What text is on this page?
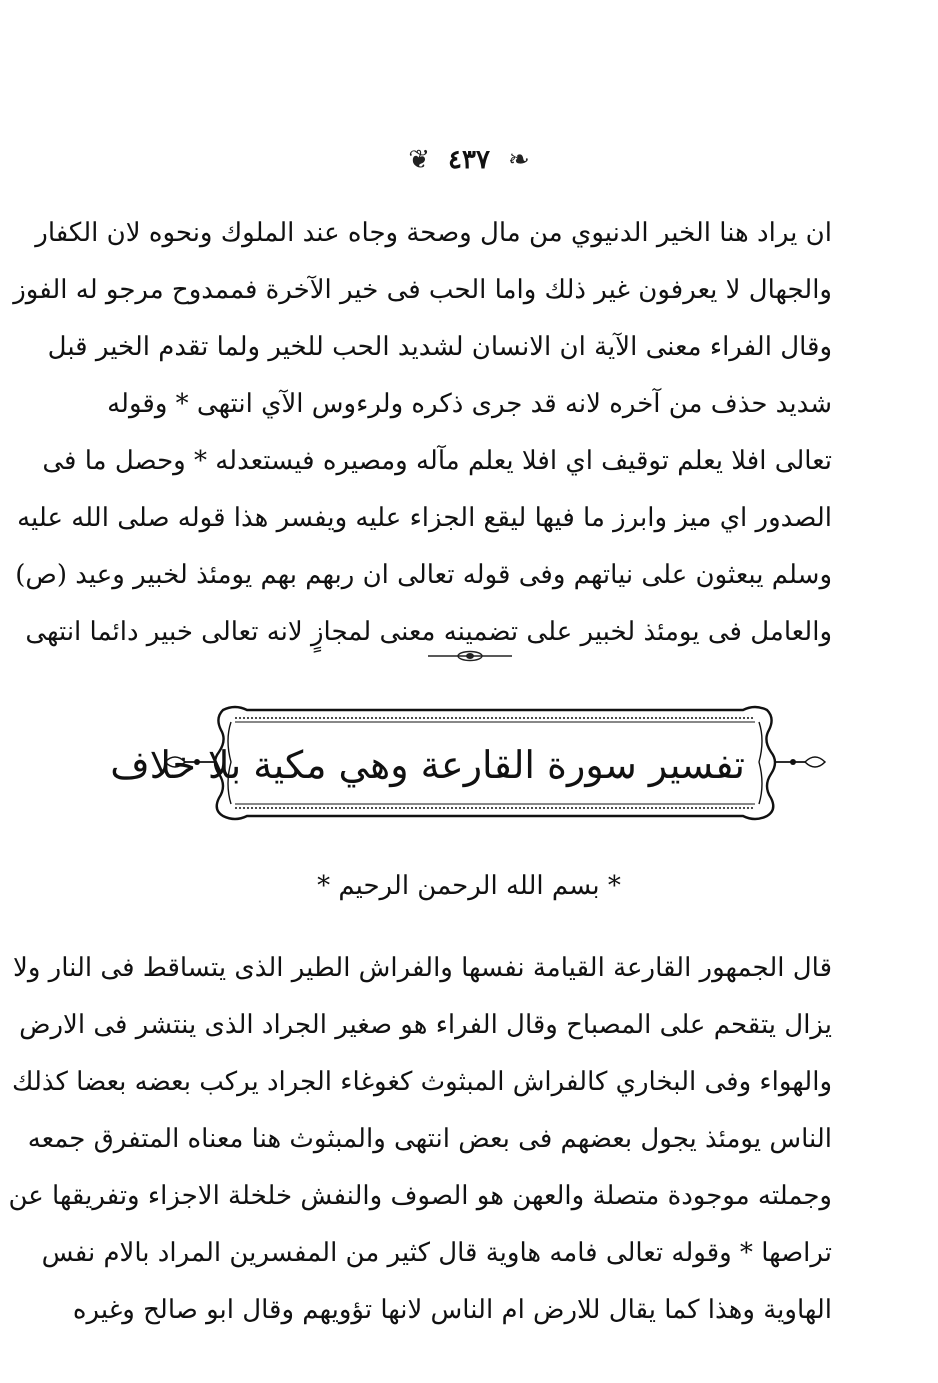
❦ ٤٣٧ ❧
ان يراد هنا الخير الدنيوي من مال وصحة وجاه عند الملوك ونحوه لان الكفار
والجهال لا يعرفون غير ذلك واما الحب فى خير الآخرة فممدوح مرجو له الفوز
وقال الفراء معنى الآية ان الانسان لشديد الحب للخير ولما تقدم الخير قبل
شديد حذف من آخره لانه قد جرى ذكره ولرءوس الآي انتهى * وقوله
تعالى افلا يعلم توقيف اي افلا يعلم مآله ومصيره فيستعدله * وحصل ما فى
الصدور اي ميز وابرز ما فيها ليقع الجزاء عليه ويفسر هذا قوله صلى الله عليه
وسلم يبعثون على نياتهم وفى قوله تعالى ان ربهم بهم يومئذ لخبير وعيد (ص)
والعامل فى يومئذ لخبير على تضمينه معنى لمجازٍ لانه تعالى خبير دائما انتهى
تفسير سورة القارعة وهي مكية بلا خلاف
* بسم الله الرحمن الرحيم *
قال الجمهور القارعة القيامة نفسها والفراش الطير الذى يتساقط فى النار ولا
يزال يتقحم على المصباح وقال الفراء هو صغير الجراد الذى ينتشر فى الارض
والهواء وفى البخاري كالفراش المبثوث كغوغاء الجراد يركب بعضه بعضا كذلك
الناس يومئذ يجول بعضهم فى بعض انتهى والمبثوث هنا معناه المتفرق جمعه
وجملته موجودة متصلة والعهن هو الصوف والنفش خلخلة الاجزاء وتفريقها عن
تراصها * وقوله تعالى فامه هاوية قال كثير من المفسرين المراد بالام نفس
الهاوية وهذا كما يقال للارض ام الناس لانها تؤويهم وقال ابو صالح وغيره
